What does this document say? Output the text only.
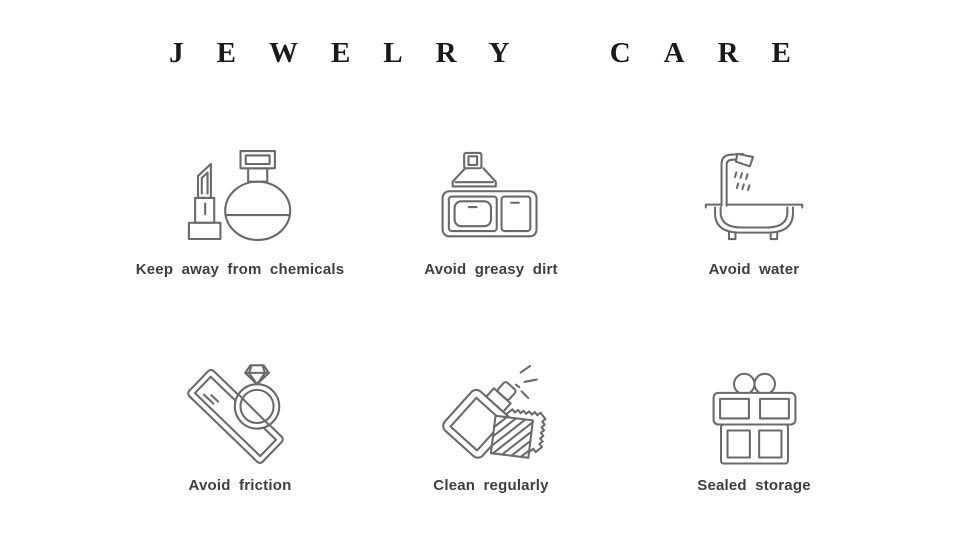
JEWELRY CARE
Keep away from chemicals	Avoid greasy dirt	Avoid water
Avoid friction	Clean regularly	Sealed storage
